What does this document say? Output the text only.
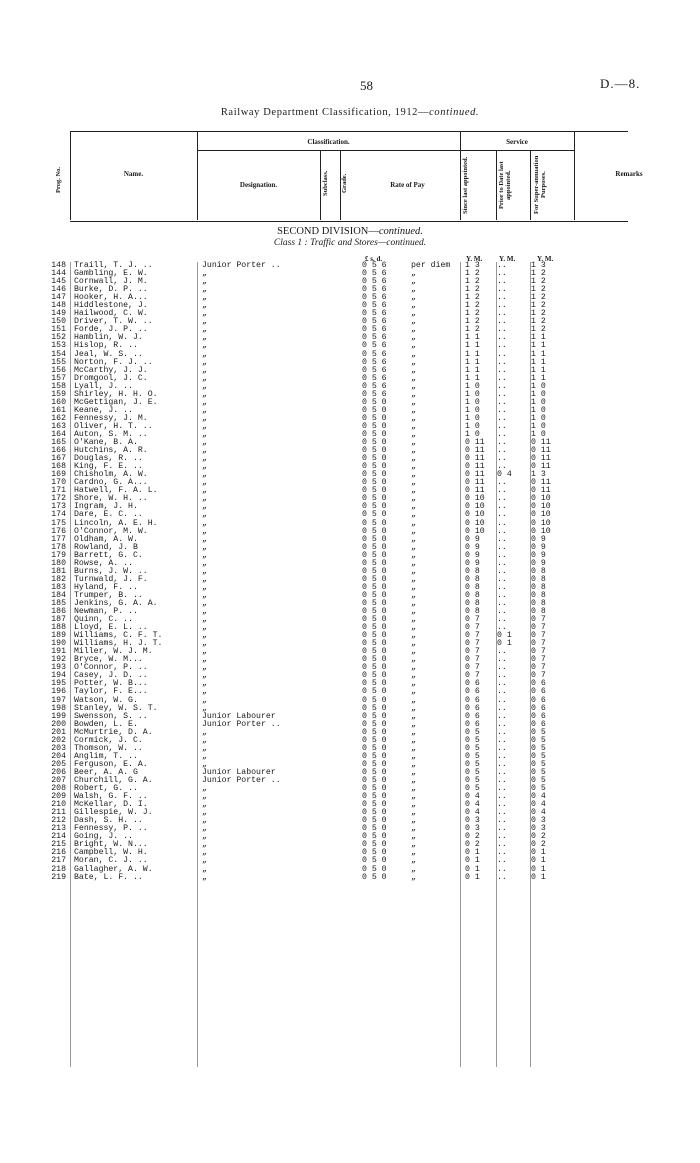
58	D.—8.
Railway Department Classification, 1912—continued.
Prog. No.	Name.
Classification.
Designation.	Subclass.	Grade.	Rate of Pay
Service
Since last appointed.	Prior to Date last appointed.	For Super-annuation Purposes.	Remarks
SECOND DIVISION—continued.
Class 1 : Traffic and Stores—continued.
£ s. d.	Y. M. Y. M.	Y. M.
148 Traill, T. J. ..	Junior Porter ..	0 5 6	per diem 1 3	..	1 3
144 Gambling, E. W.	„	0 5 6	„	1 2	..	1 2
145 Cornwall, J. M.	„	0 5 6	„	1 2	..	1 2
146 Burke, D. P. ..	„	0 5 6	„	1 2	..	1 2
147 Hooker, H. A...	„	0 5 6	„	1 2	..	1 2
148 Hiddlestone, J.	„	0 5 6	„	1 2	..	1 2
149 Hailwood, C. W.	„	0 5 6	„	1 2	..	1 2
150 Driver, T. W. ..	„	0 5 6	„	1 2	..	1 2
151 Forde, J. P. ..	„	0 5 6	„	1 2	..	1 2
152 Hamblin, W. J.	„	0 5 6	„	1 1	..	1 1
153 Hislop, R. ..	„	0 5 6	„	1 1	..	1 1
154 Jeal, W. S. ..	„	0 5 6	„	1 1	..	1 1
155 Norton, F. J. ..	„	0 5 6	„	1 1	..	1 1
156 McCarthy, J. J.	„	0 5 6	„	1 1	..	1 1
157 Dromgool, J. C.	„	0 5 6	„	1 1	..	1 1
158 Lyall, J. ..	„	0 5 6	„	1 0	..	1 0
159 Shirley, H. H. O.	„	0 5 6	„	1 0	..	1 0
160 McGettigan, J. E.	„	0 5 0	„	1 0	..	1 0
161 Keane, J. ..	„	0 5 0	„	1 0	..	1 0
162 Fennessy, J. M.	„	0 5 0	„	1 0	..	1 0
163 Oliver, H. T. ..	„	0 5 0	„	1 0	..	1 0
164 Auton, S. M. ..	„	0 5 0	„	1 0	..	1 0
165 O'Kane, B. A.	„	0 5 0	„	0 11	..	0 11
166 Hutchins, A. R.	„	0 5 0	„	0 11	..	0 11
167 Douglas, R. ..	„	0 5 0	„	0 11	..	0 11
168 King, F. E. ..	„	0 5 0	„	0 11	..	0 11
169 Chisholm, A. W.	„	0 5 0	„	0 11	0 4	1 3
170 Cardno, G. A...	„	0 5 0	„	0 11	..	0 11
171 Hatwell, F. A. L.	„	0 5 0	„	0 11	..	0 11
172 Shore, W. H. ..	„	0 5 0	„	0 10	..	0 10
173 Ingram, J. H.	„	0 5 0	„	0 10	..	0 10
174 Dare, E. C. ..	„	0 5 0	„	0 10	..	0 10
175 Lincoln, A. E. H.	„	0 5 0	„	0 10	..	0 10
176 O'Connor, M. W.	„	0 5 0	„	0 10	..	0 10
177 Oldham, A. W.	„	0 5 0	„	0 9	..	0 9
178 Rowland, J. B	„	0 5 0	„	0 9	..	0 9
179 Barrett, G. C.	„	0 5 0	„	0 9	..	0 9
180 Rowse, A. ..	„	0 5 0	„	0 9	..	0 9
181 Burns, J. W. ..	„	0 5 0	„	0 8	..	0 8
182 Turnwald, J. F.	„	0 5 0	„	0 8	..	0 8
183 Hyland, F. ..	„	0 5 0	„	0 8	..	0 8
184 Trumper, B. ..	„	0 5 0	„	0 8	..	0 8
185 Jenkins, G. A. A.	„	0 5 0	„	0 8	..	0 8
186 Newman, P. ..	„	0 5 0	„	0 8	..	0 8
187 Quinn, C. ..	„	0 5 0	„	0 7	..	0 7
188 Lloyd, E. L. ..	„	0 5 0	„	0 7	..	0 7
189 Williams, C. F. T.	„	0 5 0	„	0 7	0 1	0 7
190 Williams, H. J. T.	„	0 5 0	„	0 7	0 1	0 7
191 Miller, W. J. M.	„	0 5 0	„	0 7	..	0 7
192 Bryce, W. M...	„	0 5 0	„	0 7	..	0 7
193 O'Connor, P. ..	„	0 5 0	„	0 7	..	0 7
194 Casey, J. D. ..	„	0 5 0	„	0 7	..	0 7
195 Potter, W. B...	„	0 5 0	„	0 6	..	0 6
196 Taylor, F. E...	„	0 5 0	„	0 6	..	0 6
197 Watson, W. G.	„	0 5 0	„	0 6	..	0 6
198 Stanley, W. S. T.	„	0 5 0	„	0 6	..	0 6
199 Swensson, S. ..	Junior Labourer	0 5 0	„	0 6	..	0 6
200 Bowden, L. E.	Junior Porter ..	0 5 0	„	0 6	..	0 6
201 McMurtrie, D. A.	„	0 5 0	„	0 5	..	0 5
202 Cormick, J. C.	„	0 5 0	„	0 5	..	0 5
203 Thomson, W. ..	„	0 5 0	„	0 5	..	0 5
204 Anglim, T. ..	„	0 5 0	„	0 5	..	0 5
205 Ferguson, E. A.	„	0 5 0	„	0 5	..	0 5
206 Beer, A. A. G	Junior Labourer	0 5 0	„	0 5	..	0 5
207 Churchill, G. A.	Junior Porter ..	0 5 0	„	0 5	..	0 5
208 Robert, G. ..	„	0 5 0	„	0 5	..	0 5
209 Walsh, G. F. ..	„	0 5 0	„	0 4	..	0 4
210 McKellar, D. I.	„	0 5 0	„	0 4	..	0 4
211 Gillespie, W. J.	„	0 5 0	„	0 4	..	0 4
212 Dash, S. H. ..	„	0 5 0	„	0 3	..	0 3
213 Fennessy, P. ..	„	0 5 0	„	0 3	..	0 3
214 Going, J. ..	„	0 5 0	„	0 2	..	0 2
215 Bright, W. N...	„	0 5 0	„	0 2	..	0 2
216 Campbell, W. H.	„	0 5 0	„	0 1	..	0 1
217 Moran, C. J. ..	„	0 5 0	„	0 1	..	0 1
218 Gallagher, A. W.	„	0 5 0	„	0 1	..	0 1
219 Bate, L. F. ..	„	0 5 0	„	0 1	..	0 1
